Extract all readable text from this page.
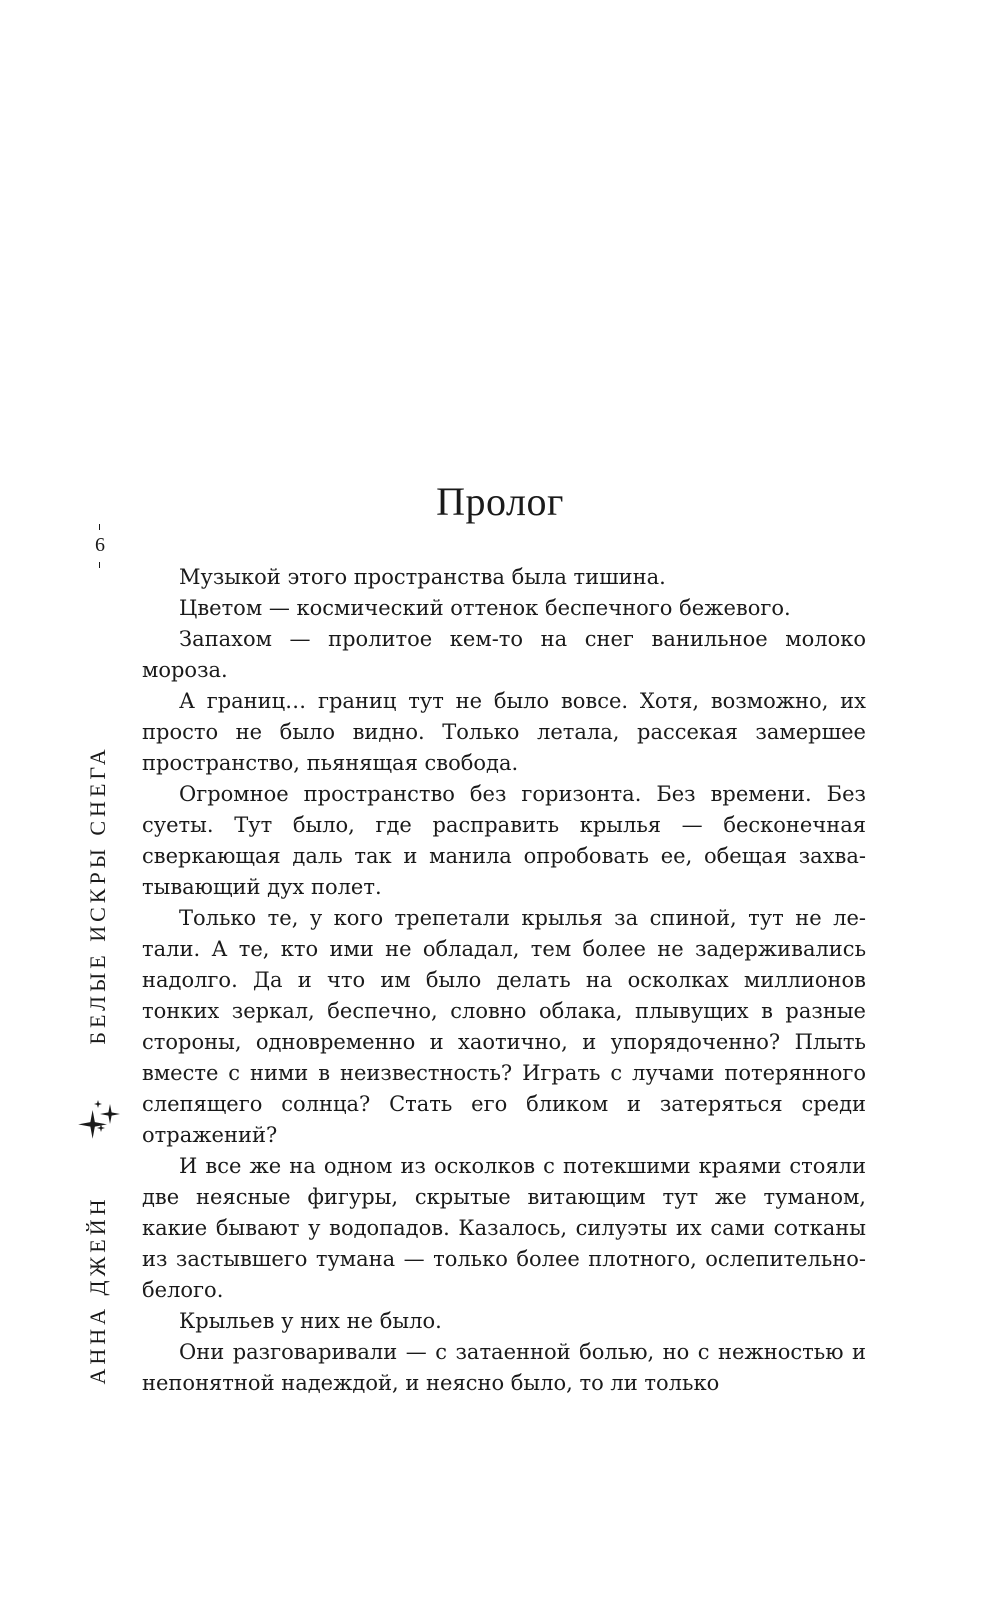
Пролог
6
БЕЛЫЕ ИСКРЫ СНЕГА
АННА ДЖЕЙН

Музыкой этого пространства была тишина.

Цветом — космический оттенок беспечного бежевого.

Запахом — пролитое кем-то на снег ванильное молоко мороза.

А границ… границ тут не было вовсе. Хотя, возможно, их просто не было видно. Только летала, рассекая замершее пространство, пьянящая свобода.

Огромное пространство без горизонта. Без времени. Без суеты. Тут было, где расправить крылья — бесконечная сверкающая даль так и манила опробовать ее, обещая захватывающий дух полет.

Только те, у кого трепетали крылья за спиной, тут не летали. А те, кто ими не обладал, тем более не задерживались надолго. Да и что им было делать на осколках миллионов тонких зеркал, беспечно, словно облака, плывущих в разные стороны, одновременно и хаотично, и упорядоченно? Плыть вместе с ними в неизвестность? Играть с лучами потерянного слепящего солнца? Стать его бликом и затеряться среди отражений?

И все же на одном из осколков с потекшими краями стояли две неясные фигуры, скрытые витающим тут же туманом, какие бывают у водопадов. Казалось, силуэты их сами сотканы из застывшего тумана — только более плотного, ослепительно-белого.

Крыльев у них не было.

Они разговаривали — с затаенной болью, но с нежностью и непонятной надеждой, и неясно было, то ли только
